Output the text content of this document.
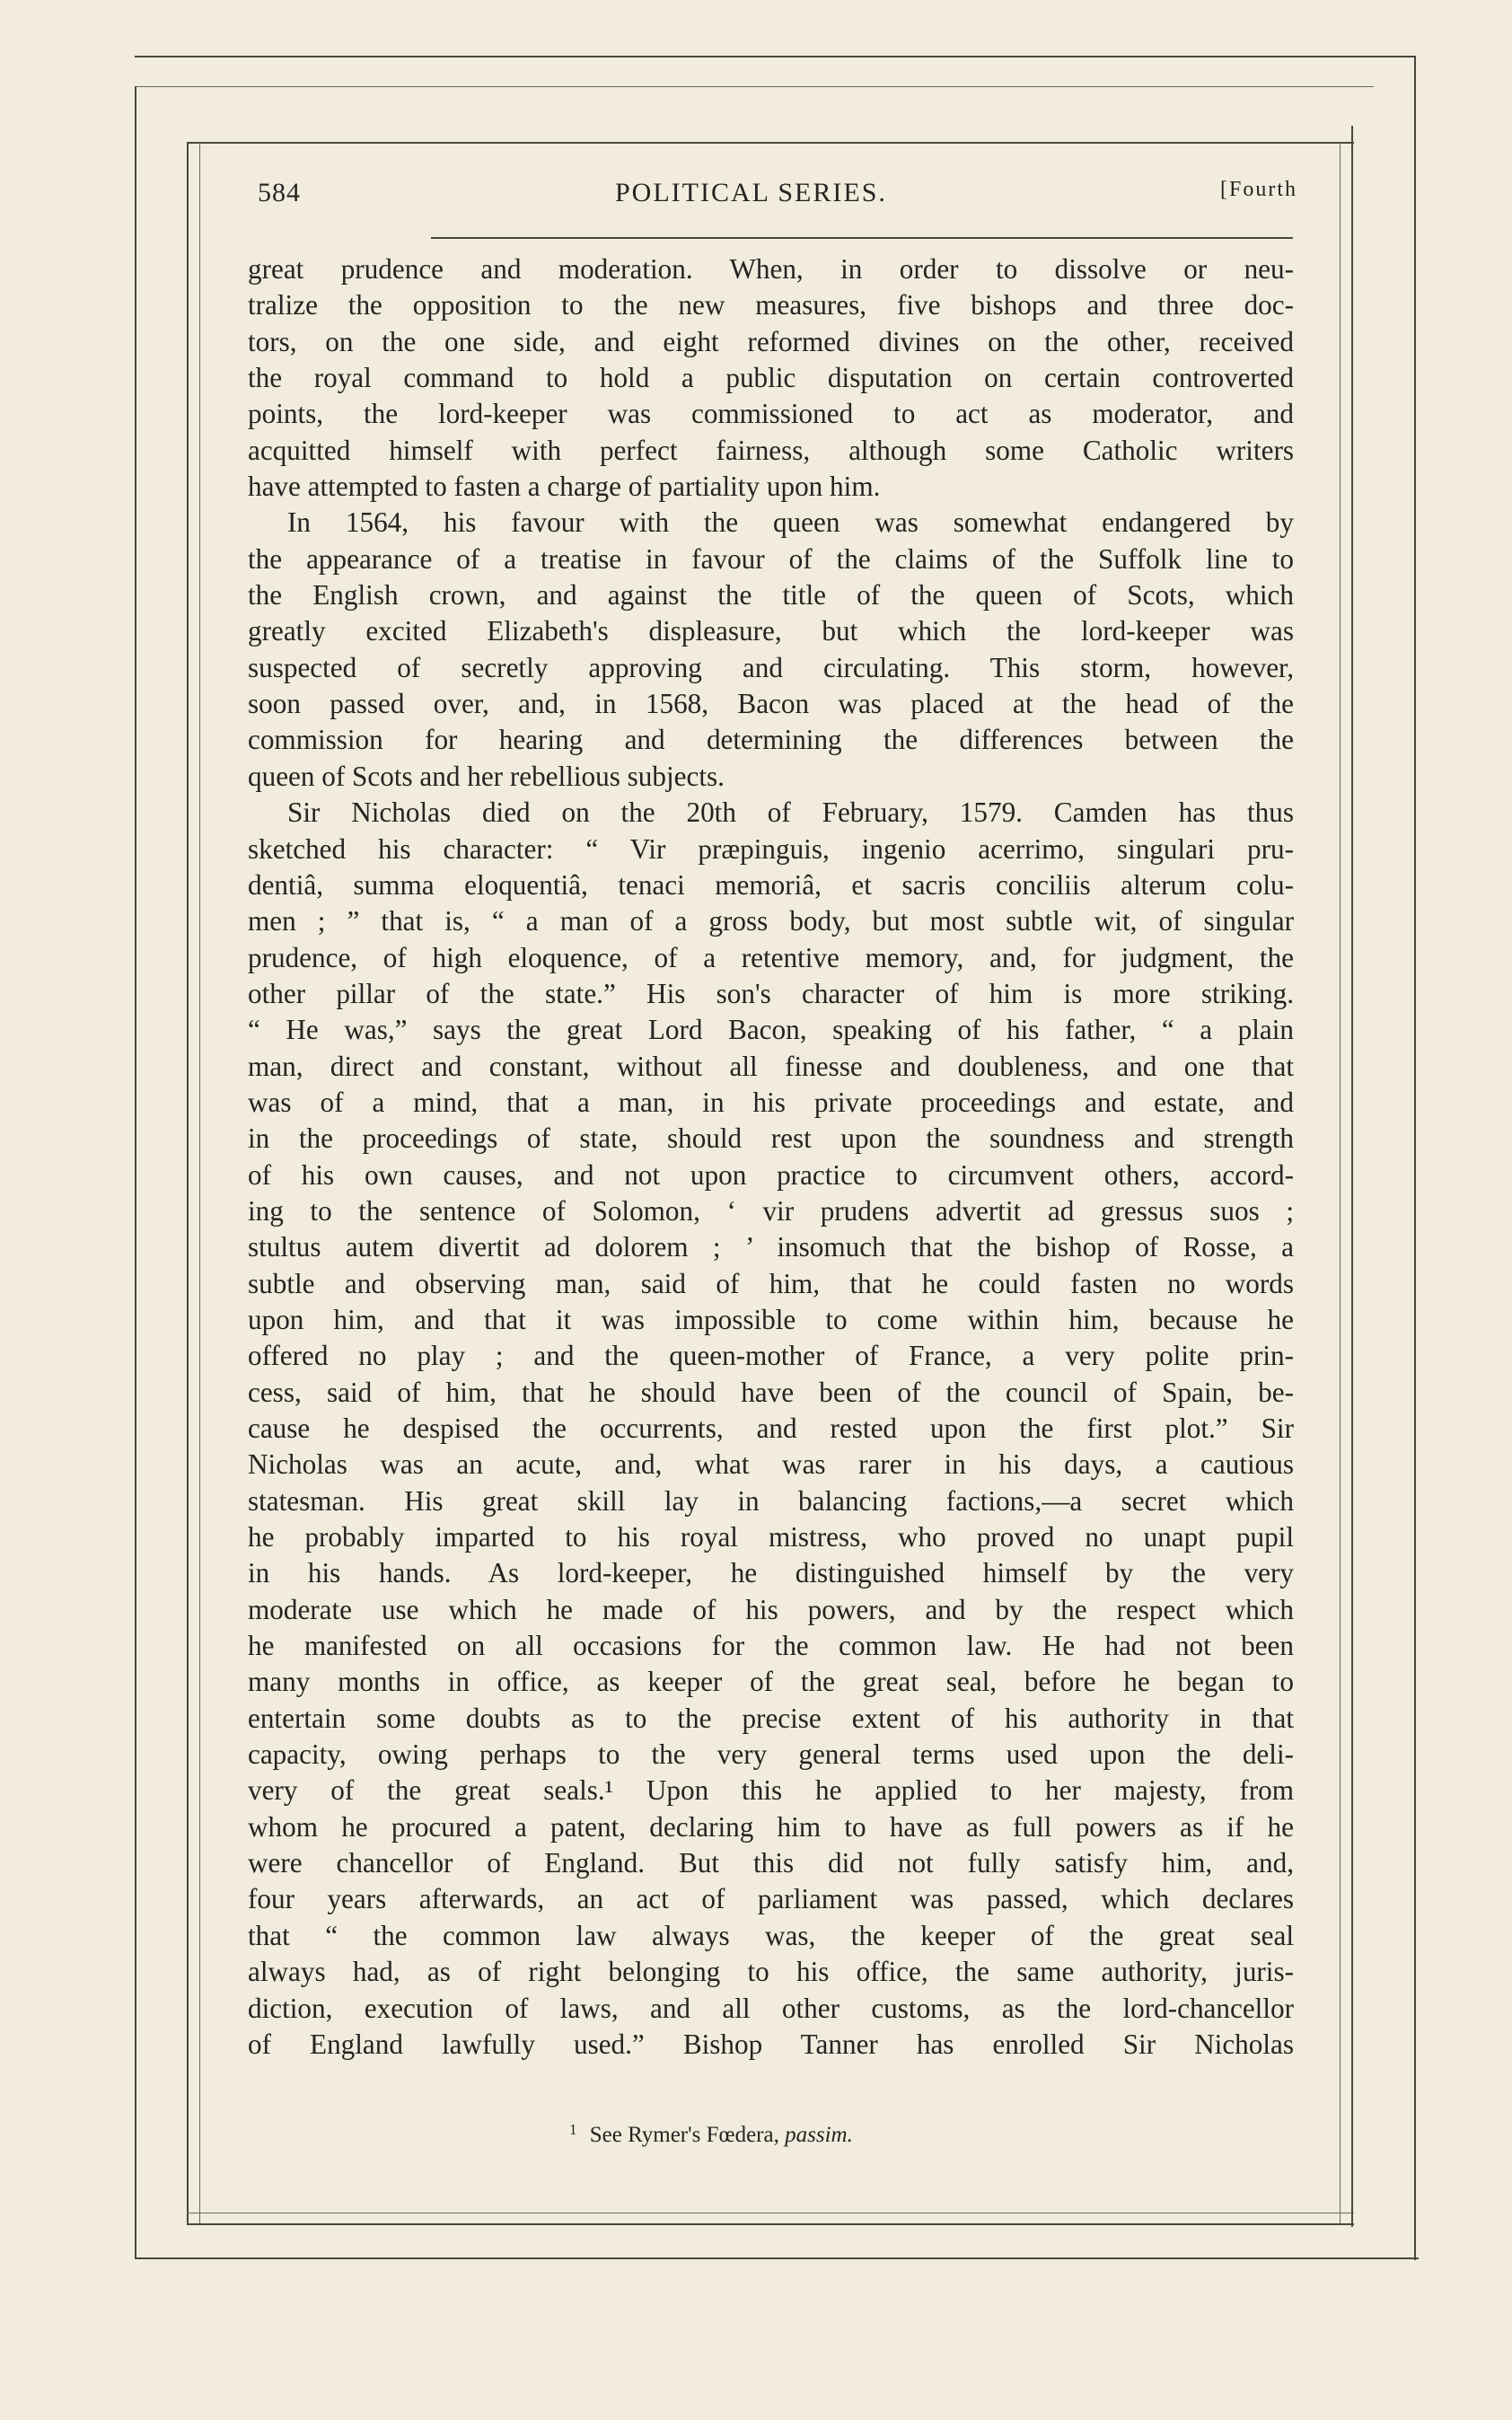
584	POLITICAL SERIES.	[Fourth
great prudence and moderation. When, in order to dissolve or neu-
tralize the opposition to the new measures, five bishops and three doc-
tors, on the one side, and eight reformed divines on the other, received
the royal command to hold a public disputation on certain controverted
points, the lord-keeper was commissioned to act as moderator, and
acquitted himself with perfect fairness, although some Catholic writers
have attempted to fasten a charge of partiality upon him.
In 1564, his favour with the queen was somewhat endangered by
the appearance of a treatise in favour of the claims of the Suffolk line to
the English crown, and against the title of the queen of Scots, which
greatly excited Elizabeth's displeasure, but which the lord-keeper was
suspected of secretly approving and circulating. This storm, however,
soon passed over, and, in 1568, Bacon was placed at the head of the
commission for hearing and determining the differences between the
queen of Scots and her rebellious subjects.
Sir Nicholas died on the 20th of February, 1579. Camden has thus
sketched his character: “ Vir præpinguis, ingenio acerrimo, singulari pru-
dentiâ, summa eloquentiâ, tenaci memoriâ, et sacris conciliis alterum colu-
men ; ” that is, “ a man of a gross body, but most subtle wit, of singular
prudence, of high eloquence, of a retentive memory, and, for judgment, the
other pillar of the state.” His son's character of him is more striking.
“ He was,” says the great Lord Bacon, speaking of his father, “ a plain
man, direct and constant, without all finesse and doubleness, and one that
was of a mind, that a man, in his private proceedings and estate, and
in the proceedings of state, should rest upon the soundness and strength
of his own causes, and not upon practice to circumvent others, accord-
ing to the sentence of Solomon, ‘ vir prudens advertit ad gressus suos ;
stultus autem divertit ad dolorem ; ’ insomuch that the bishop of Rosse, a
subtle and observing man, said of him, that he could fasten no words
upon him, and that it was impossible to come within him, because he
offered no play ; and the queen-mother of France, a very polite prin-
cess, said of him, that he should have been of the council of Spain, be-
cause he despised the occurrents, and rested upon the first plot.” Sir
Nicholas was an acute, and, what was rarer in his days, a cautious
statesman. His great skill lay in balancing factions,—a secret which
he probably imparted to his royal mistress, who proved no unapt pupil
in his hands. As lord-keeper, he distinguished himself by the very
moderate use which he made of his powers, and by the respect which
he manifested on all occasions for the common law. He had not been
many months in office, as keeper of the great seal, before he began to
entertain some doubts as to the precise extent of his authority in that
capacity, owing perhaps to the very general terms used upon the deli-
very of the great seals.¹ Upon this he applied to her majesty, from
whom he procured a patent, declaring him to have as full powers as if he
were chancellor of England. But this did not fully satisfy him, and,
four years afterwards, an act of parliament was passed, which declares
that “ the common law always was, the keeper of the great seal
always had, as of right belonging to his office, the same authority, juris-
diction, execution of laws, and all other customs, as the lord-chancellor
of England lawfully used.” Bishop Tanner has enrolled Sir Nicholas
$^1$ See Rymer's Fœdera, passim.
